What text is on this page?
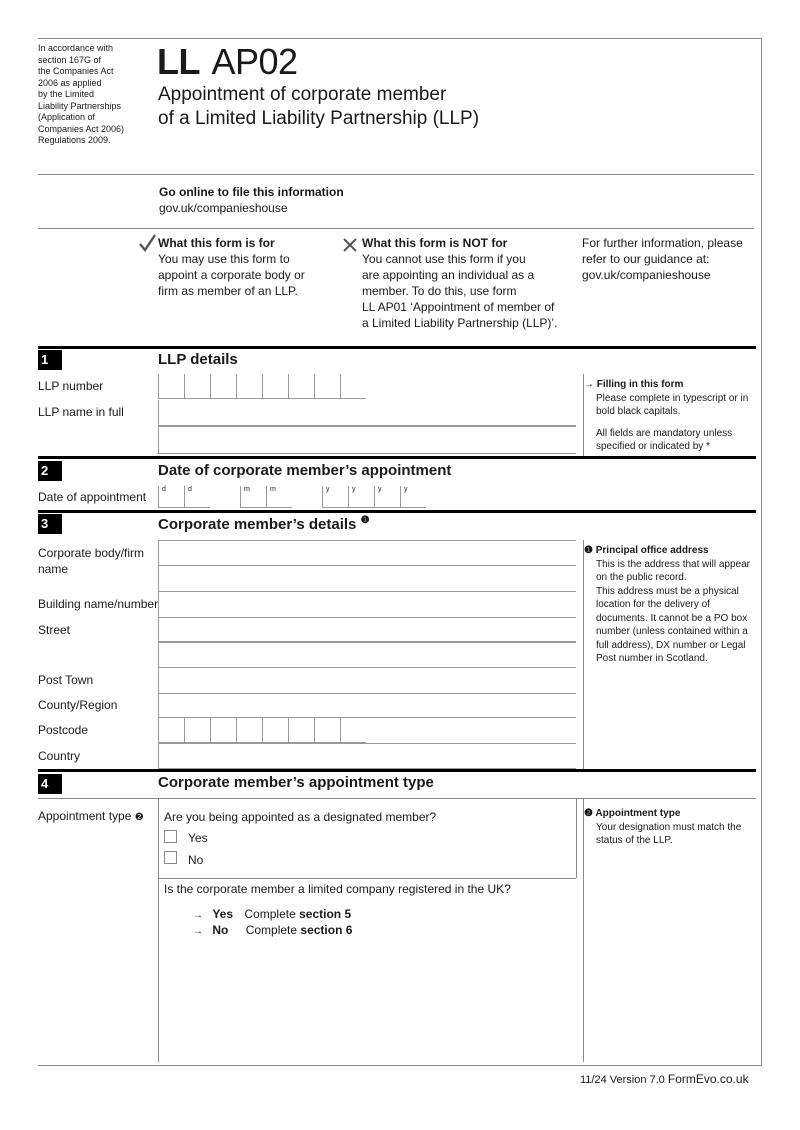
In accordance with
section 167G of
the Companies Act
2006 as applied
by the Limited
Liability Partnerships
(Application of
Companies Act 2006)
Regulations 2009.
LL AP02
Appointment of corporate member
of a Limited Liability Partnership (LLP)
Go online to file this information
gov.uk/companieshouse
What this form is for
You may use this form to
appoint a corporate body or
firm as member of an LLP.
What this form is NOT for
You cannot use this form if you
are appointing an individual as a
member. To do this, use form
LL AP01 ‘Appointment of member of
a Limited Liability Partnership (LLP)’.
For further information, please
refer to our guidance at:
gov.uk/companieshouse
1	LLP details
LLP number
LLP name in full
→ Filling in this form
Please complete in typescript or in
bold black capitals.
All fields are mandatory unless
specified or indicated by *
2	Date of corporate member’s appointment
Date of appointment
d	d	m	m	y	y	y	y
3	Corporate member’s details $^❶$
Corporate body/firm
name
Building name/number
Street
Post Town
County/Region
Postcode
Country
❶ Principal office address
This is the address that will appear
on the public record.
This address must be a physical
location for the delivery of
documents. It cannot be a PO box
number (unless contained within a
full address), DX number or Legal
Post number in Scotland.
4	Corporate member’s appointment type
Appointment type ❷ Are you being appointed as a designated member?
Yes
No
Is the corporate member a limited company registered in the UK?
→ Yes Complete section 5
→ No Complete section 6
❷ Appointment type
Your designation must match the
status of the LLP.
11/24 Version 7.0 FormEvo.co.uk
